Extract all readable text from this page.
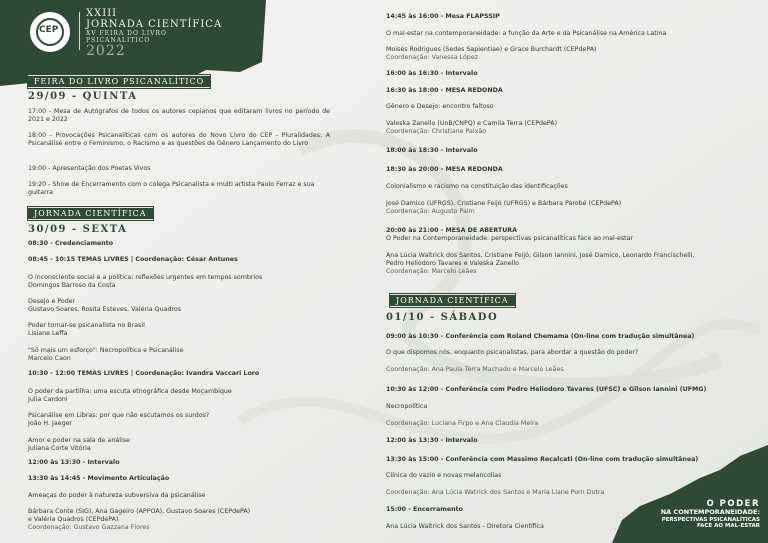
CEP
XXIII
JORNADA CIENTÍFICA
XV FEIRA DO LIVRO
PSICANALÍTICO
2022
FEIRA DO LIVRO PSICANALÍTICO
29/09 - QUINTA
17:00 - Mesa de Autógrafos de todos os autores cepianos que editaram livros no período de 2021 e 2022
18:00 - Provocações Psicanalíticas com os autores do Novo Livro do CEP - Pluralidades: A Psicanálise entre o Feminismo, o Racismo e as questões de Gênero Lançamento do Livro
19:00 - Apresentação dos Poetas Vivos
19:20 - Show de Encerramento com o colega Psicanalista e multi artista Paulo Ferraz e sua guitarra
JORNADA CIENTÍFICA
30/09 - SEXTA
08:30 - Credenciamento
08:45 - 10:15 TEMAS LIVRES | Coordenação: César Antunes
O inconsciente social e a política: reflexões urgentes em tempos sombrios
Domingos Barroso da Costa
Desejo e Poder
Gustavo Soares, Rosita Esteves, Valéria Quadros
Poder tornar-se psicanalista no Brasil
Lisiane Leffa
"Só mais um esforço": Necropolítica e Psicanálise
Marcelo Caon
10:30 - 12:00 TEMAS LIVRES | Coordenação: Ivandra Vaccari Loro
O poder da partilha: uma escuta etnográfica desde Moçambique
Julia Cardoni
Psicanálise em Libras: por que não escutamos os surdos?
João H. Jaeger
Amor e poder na sala de análise
Juliana Corte Vitória
12:00 às 13:30 - Intervalo
13:30 às 14:45 - Movimento Articulação
Ameaças do poder à natureza subversiva da psicanálise
Bárbara Conte (SIG), Ana Gageiro (APPOA), Gustavo Soares (CEPdePA)
e Valéria Quadros (CEPdePA)
Coordenação: Gustavo Gazzana Flores
14:45 às 16:00 - Mesa FLAPSSIP
O mal-estar na contemporaneidade: a função da Arte e da Psicanálise na América Latina
Moisés Rodrigues (Sedes Sapientiae) e Grace Burchardt (CEPdePA)
Coordenação: Vanessa López
16:00 às 16:30 - Intervalo
16:30 às 18:00 - MESA REDONDA
Gênero e Desejo: encontro faltoso
Valeska Zanello (UnB/CNPQ) e Camila Terra (CEPdePA)
Coordenação: Christiane Paixão
18:00 às 18:30 - Intervalo
18:30 às 20:00 - MESA REDONDA
Colonialismo e racismo na constituição das identificações
José Damico (UFRGS), Cristiane Feijó (UFRGS) e Bárbara Parobé (CEPdePA)
Coordenação: Augusto Paim
20:00 às 21:00 - MESA DE ABERTURA
O Poder na Contemporaneidade: perspectivas psicanalíticas face ao mal-estar
Ana Lúcia Waltrick dos Santos, Cristiane Feijó, Gilson Iannini, José Damico, Leonardo Francischelli,
Pedro Heliodoro Tavares e Valeska Zanello
Coordenação: Marcelo Leães
JORNADA CIENTÍFICA
01/10 - SÁBADO
09:00 às 10:30 - Conferência com Roland Chemama (On-line com tradução simultânea)
O que dispomos nós, enquanto psicanalistas, para abordar a questão do poder?
Coordenação: Ana Paula Terra Machado e Marcelo Leães
10:30 às 12:00 - Conferência com Pedro Heliodoro Tavares (UFSC) e Gilson Iannini (UFMG)
Necropolítica
Coordenação: Luciana Firpo e Ana Claudia Meira
12:00 às 13:30 - Intervalo
13:30 às 15:00 - Conferência com Massimo Recalcati (On-line com tradução simultânea)
Clínica do vazio e novas melancolias
Coordenação: Ana Lúcia Watrick dos Santos e Maria Liane Porn Dutra
15:00 - Encerramento
Ana Lúcia Waltrick dos Santos - Diretora Científica
O PODER
NA CONTEMPORANEIDADE:
PERSPECTIVAS PSICANALÍTICAS
FACE AO MAL-ESTAR
